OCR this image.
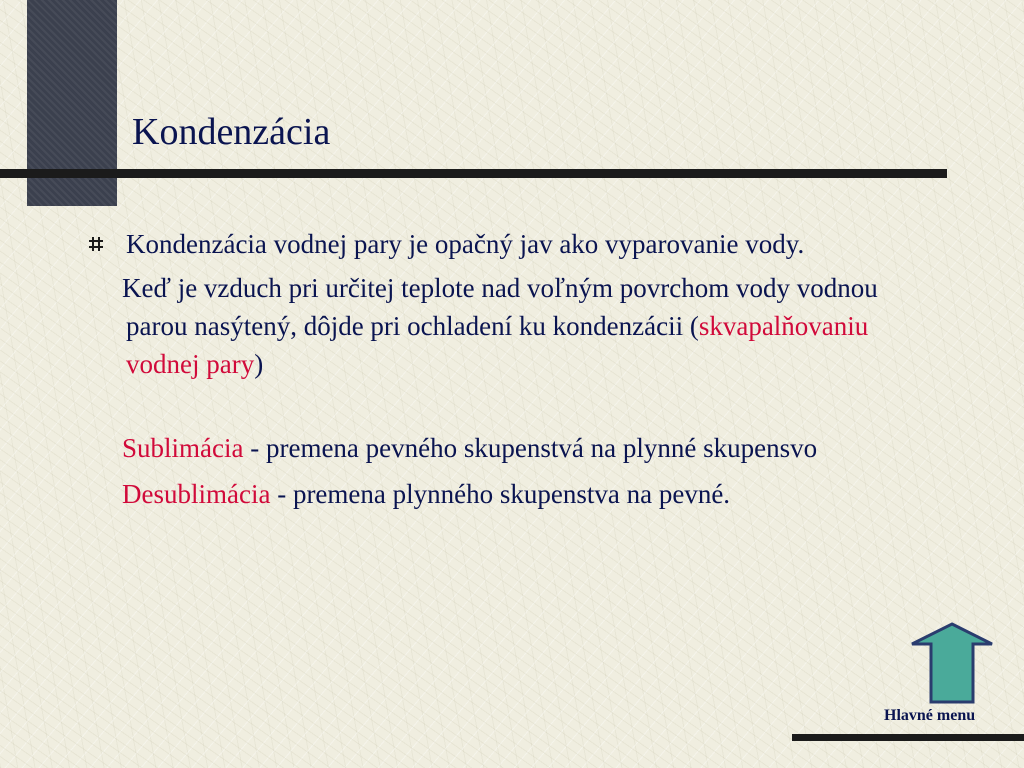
Kondenzácia
Kondenzácia vodnej pary je opačný jav ako vyparovanie vody.

Keď je vzduch pri určitej teplote nad voľným povrchom vody vodnou parou nasýtený, dôjde pri ochladení ku kondenzácii (skvapalňovaniu vodnej pary)

Sublimácia - premena pevného skupenstvá na plynné skupensvo

Desublimácia - premena plynného skupenstva na pevné.

Hlavné menu
